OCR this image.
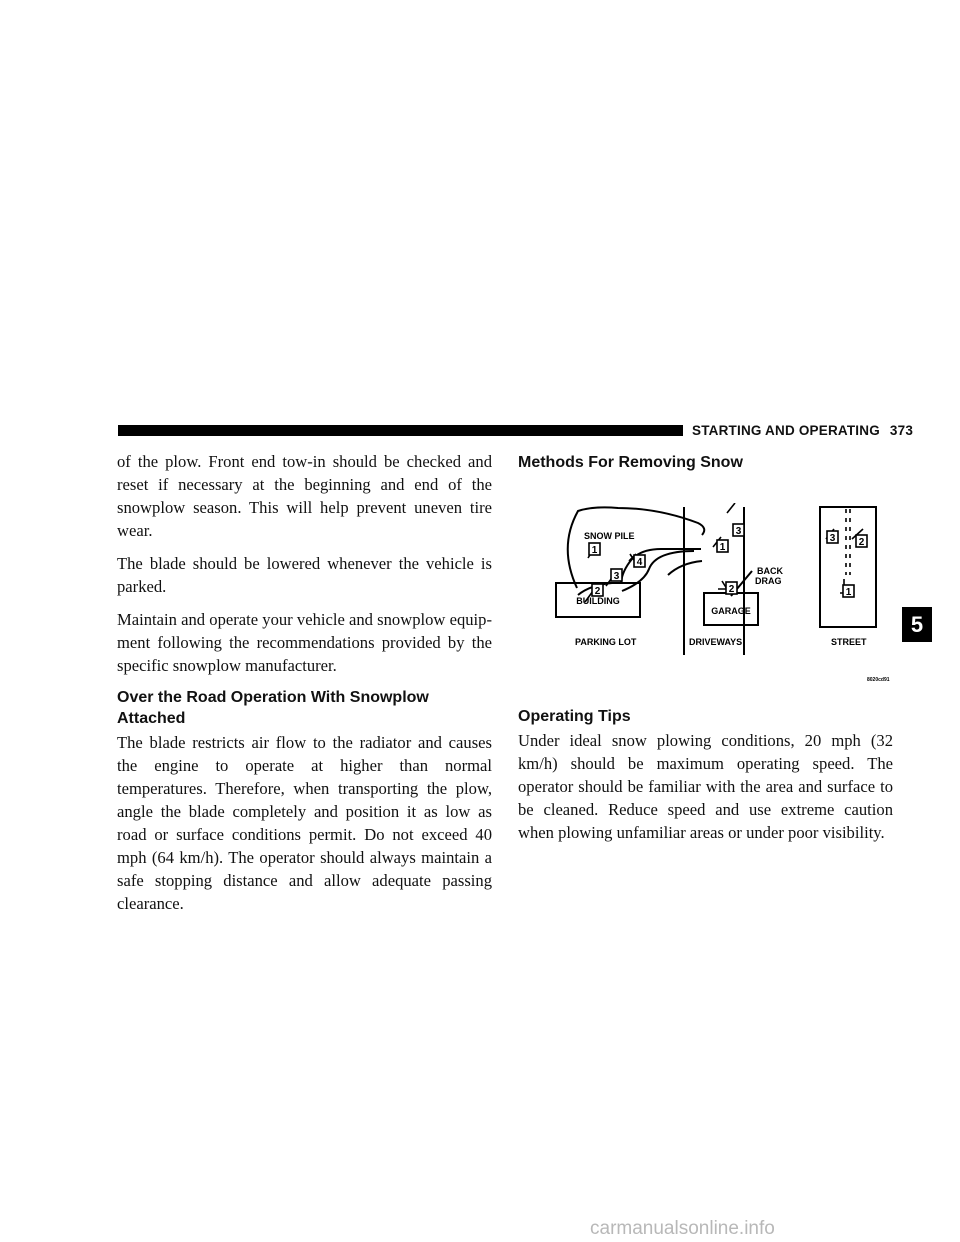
STARTING AND OPERATING 373

of the plow. Front end tow-in should be checked and reset if necessary at the beginning and end of the snowplow season. This will help prevent uneven tire wear.

The blade should be lowered whenever the vehicle is parked.

Maintain and operate your vehicle and snowplow equip-ment following the recommendations provided by the specific snowplow manufacturer.

Over the Road Operation With Snowplow Attached

The blade restricts air flow to the radiator and causes the engine to operate at higher than normal temperatures. Therefore, when transporting the plow, angle the blade completely and position it as low as road or surface conditions permit. Do not exceed 40 mph (64 km/h). The operator should always maintain a safe stopping distance and allow adequate passing clearance.

Methods For Removing Snow
1
2
3
4
1
3
2
3 2
1
SNOW PILE
BUILDING
GARAGE
BACK
DRAG
PARKING LOT	DRIVEWAYS	STREET
8020cd91
Operating Tips

Under ideal snow plowing conditions, 20 mph (32 km/h) should be maximum operating speed. The operator should be familiar with the area and surface to be cleaned. Reduce speed and use extreme caution when plowing unfamiliar areas or under poor visibility.

5
carmanualsonline.info
